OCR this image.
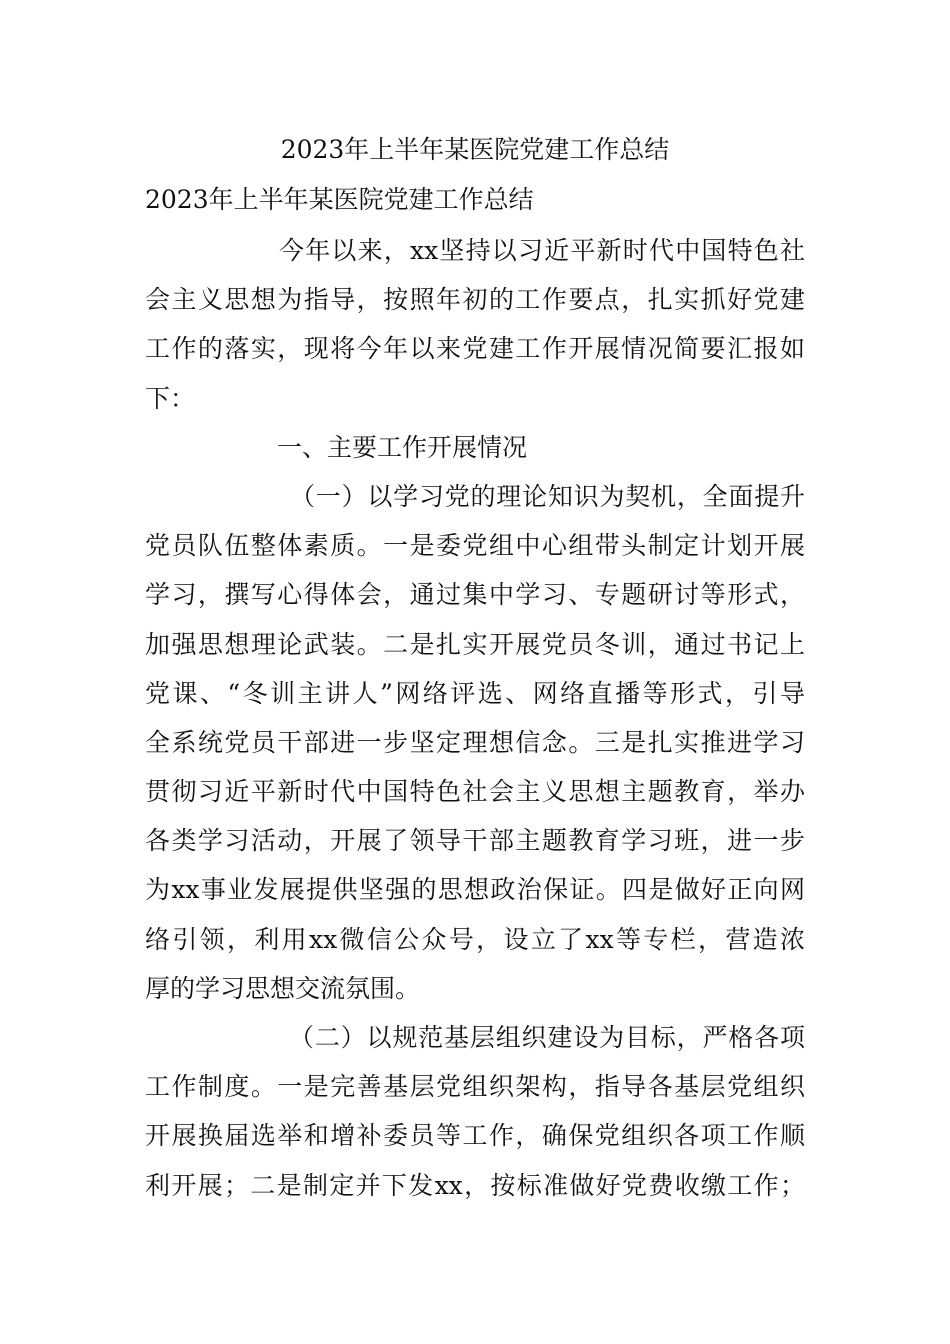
2023年上半年某医院党建工作总结
2023年上半年某医院党建工作总结
今年以来，xx坚持以习近平新时代中国特色社
会主义思想为指导，按照年初的工作要点，扎实抓好党建
工作的落实，现将今年以来党建工作开展情况简要汇报如
下：
一、主要工作开展情况
（一）以学习党的理论知识为契机，全面提升
党员队伍整体素质。一是委党组中心组带头制定计划开展
学习，撰写心得体会，通过集中学习、专题研讨等形式，
加强思想理论武装。二是扎实开展党员冬训，通过书记上
党课、“冬训主讲人”网络评选、网络直播等形式，引导
全系统党员干部进一步坚定理想信念。三是扎实推进学习
贯彻习近平新时代中国特色社会主义思想主题教育，举办
各类学习活动，开展了领导干部主题教育学习班，进一步
为xx事业发展提供坚强的思想政治保证。四是做好正向网
络引领，利用xx微信公众号，设立了xx等专栏，营造浓
厚的学习思想交流氛围。
（二）以规范基层组织建设为目标，严格各项
工作制度。一是完善基层党组织架构，指导各基层党组织
开展换届选举和增补委员等工作，确保党组织各项工作顺
利开展；二是制定并下发xx，按标准做好党费收缴工作；
